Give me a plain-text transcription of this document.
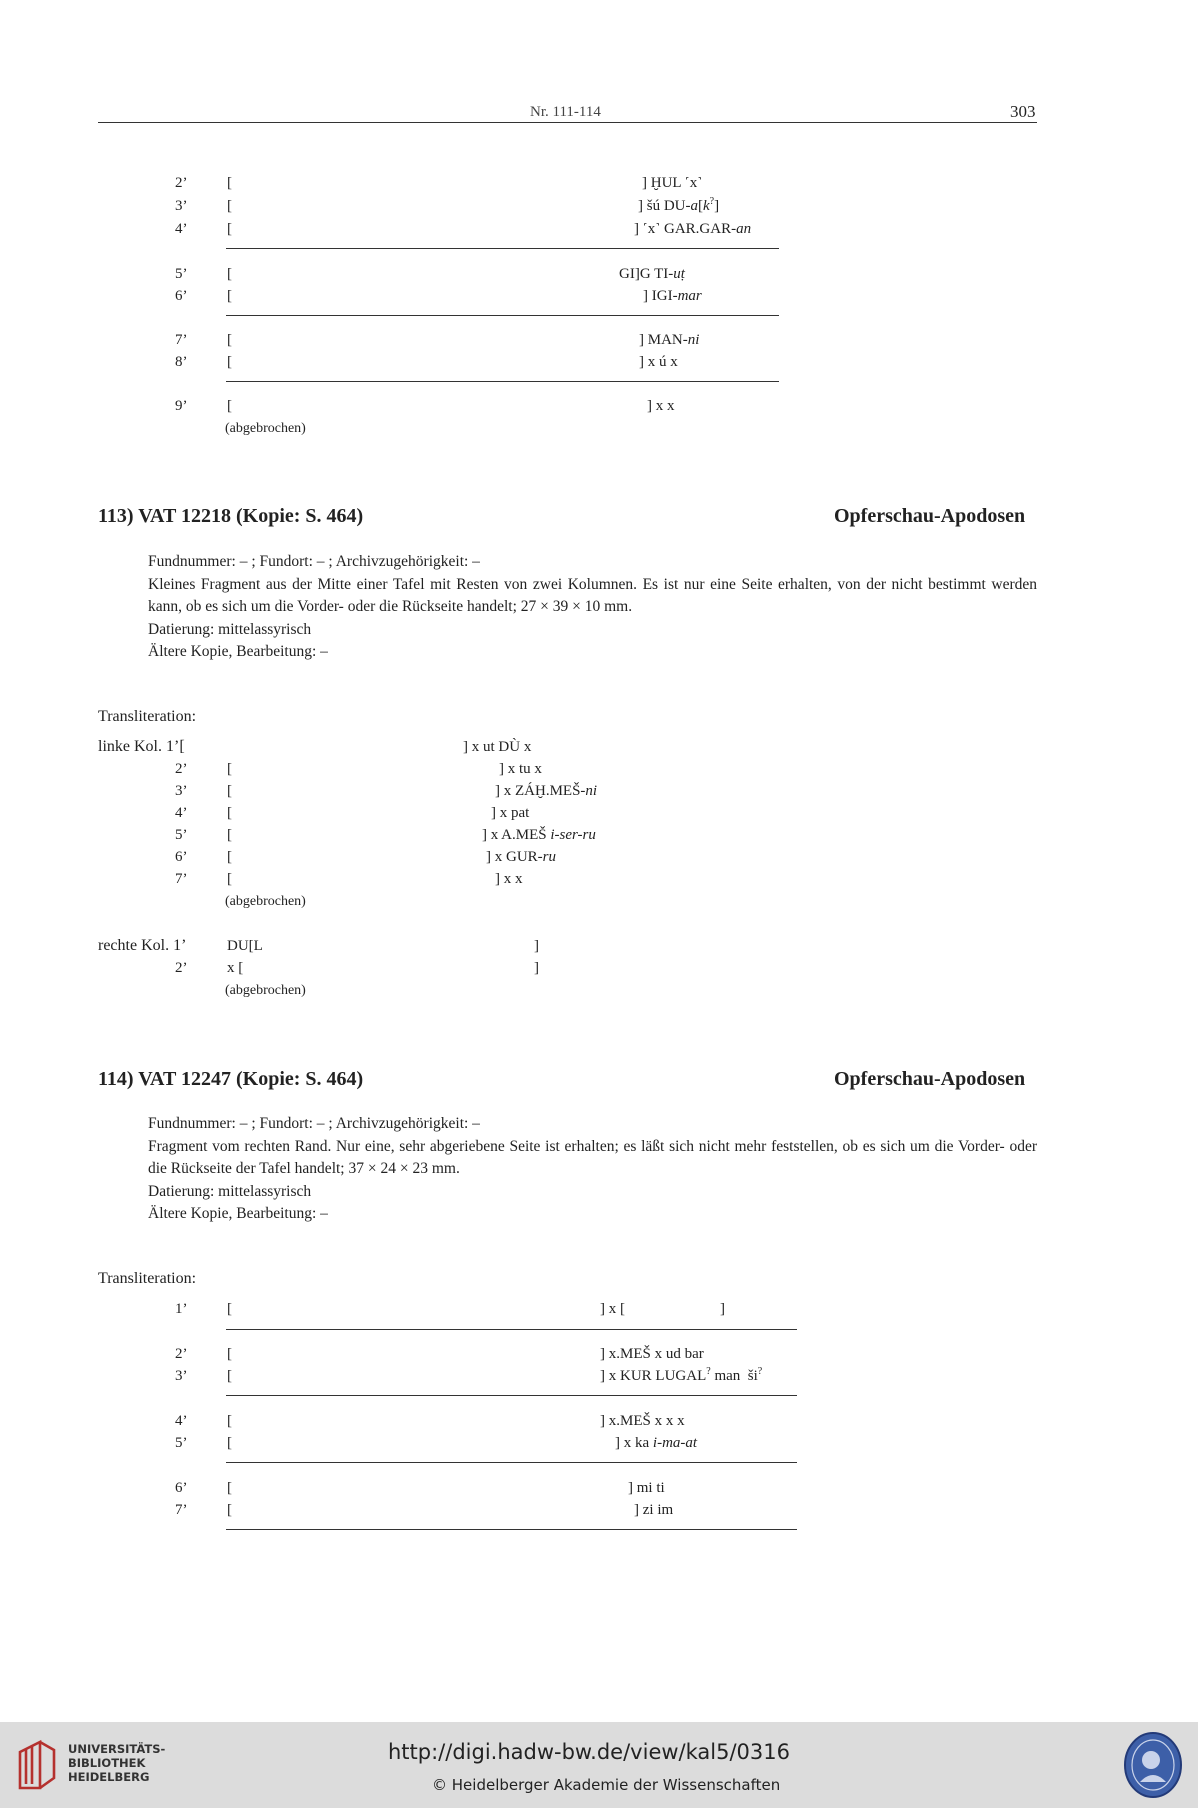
Nr. 111-114	303
2’	[	] ḪUL ˹x˺
3’	[	] šú DU-a[k?]
4’	[	] ˹x˺ GAR.GAR-an
5’	[	GI]G TI-uṭ
6’	[	] IGI-mar
7’	[	] MAN-ni
8’	[	] x ú x
9’	[	] x x
(abgebrochen)
113) VAT 12218 (Kopie: S. 464)	Opferschau-Apodosen

Fundnummer: – ; Fundort: – ; Archivzugehörigkeit: –

Kleines Fragment aus der Mitte einer Tafel mit Resten von zwei Kolumnen. Es ist nur eine Seite erhalten, von der nicht bestimmt werden kann, ob es sich um die Vorder- oder die Rückseite handelt; 27 × 39 × 10 mm.

Datierung: mittelassyrisch

Ältere Kopie, Bearbeitung: –

Transliteration:
linke Kol. 1’[	] x ut DÙ x
2’	[	] x tu x
3’	[	] x ZÁḪ.MEŠ-ni
4’	[	] x pat
5’	[	] x A.MEŠ i-ser-ru
6’	[	] x GUR-ru
7’	[	] x x
(abgebrochen)
rechte Kol. 1’	DU[L	]
2’	x [	]
(abgebrochen)
114) VAT 12247 (Kopie: S. 464)	Opferschau-Apodosen

Fundnummer: – ; Fundort: – ; Archivzugehörigkeit: –

Fragment vom rechten Rand. Nur eine, sehr abgeriebene Seite ist erhalten; es läßt sich nicht mehr feststellen, ob es sich um die Vorder- oder die Rückseite der Tafel handelt; 37 × 24 × 23 mm.

Datierung: mittelassyrisch

Ältere Kopie, Bearbeitung: –

Transliteration:
1’	[	] x [	]
2’	[	] x.MEŠ x ud bar
3’	[	] x KUR LUGAL? man  ši?
4’	[	] x.MEŠ x x x
5’	[	] x ka i-ma-at
6’	[	] mi ti
7’	[	] zi im
UNIVERSITÄTS-
BIBLIOTHEK
HEIDELBERG
http://digi.hadw-bw.de/view/kal5/0316
© Heidelberger Akademie der Wissenschaften
